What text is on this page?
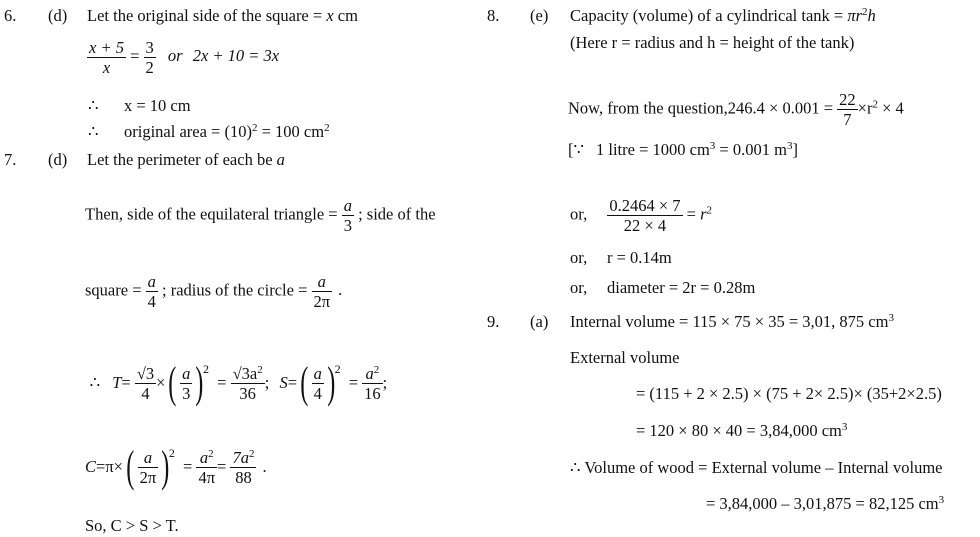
6. (d) Let the original side of the square = x cm
$\frac{x + 5}{x} = \frac{3}{2}$ or 2x + 10 = 3x
∴ x = 10 cm
∴ original area = $(10)^2 = 100$ $cm^2$
7. (d) Let the perimeter of each be a
Then, side of the equilateral triangle = $\frac{a}{3}$ ; side of the
square = $\frac{a}{4}$ ; radius of the circle = $\frac{a}{2\pi}$ .
∴ $T= \frac{√3}{4}$ ×( $\frac{a}{3} )2 = \frac{√3a^2}{36}$ ; $S=( \frac{a}{4} )2 = \frac{a^2}{16}$ ;
$C=\pi\times( \frac{a}{2\pi} )2 = \frac{a^2}{4\pi} = \frac{7a^2}{88}$ .
So, C > S > T.
8. (e) Capacity (volume) of a cylindrical $\tan k = \pi r^2h$
(Here r = radius and h = height of the tank)
Now, from the question,246.4 × $0.001 = \frac{22}{7} \times r^2 \times 4$
[∵ 1 litre = 1000 $cm^3 = 0.001$ $m^3$]
or, $\frac{0.2464 \times 7}{22 \times 4} = r^2$
or, r = 0.14m
or, diameter = 2r = 0.28m
9. (a) Internal volume = 115 × 75 × 35 = 3,01, 875 $cm^3$
External volume
= (115 + 2 × 2.5) × (75 + 2× 2.5)× (35+2×2.5)
= 120 × 80 × 40 = 3,84,000 $cm^3$
∴ Volume of wood = External volume – Internal volume
= 3,84,000 – 3,01,875 = 82,125 $cm^3$
